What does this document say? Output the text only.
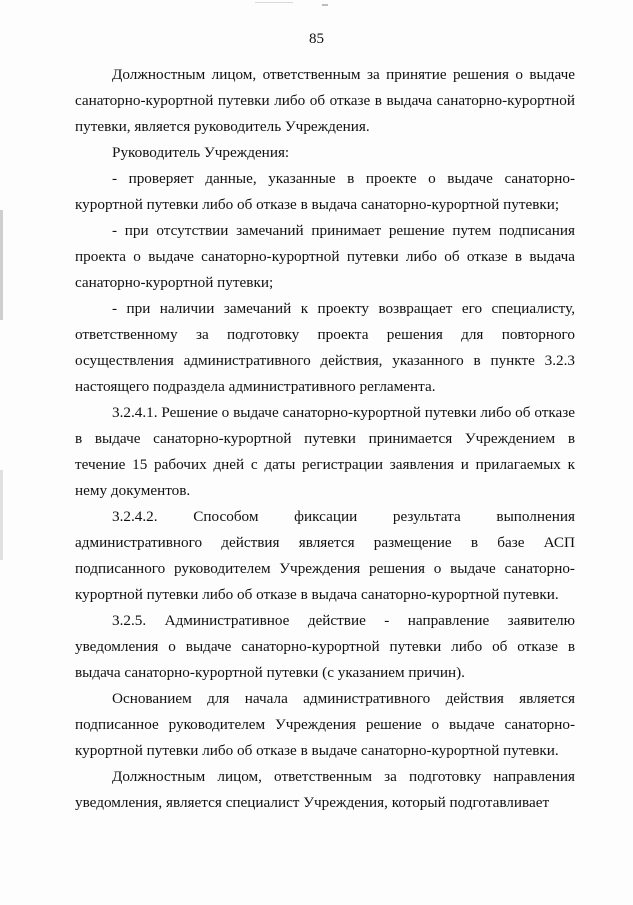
85

Должностным лицом, ответственным за принятие решения о выдаче санаторно-курортной путевки либо об отказе в выдача санаторно-курортной путевки, является руководитель Учреждения.

Руководитель Учреждения:

- проверяет данные, указанные в проекте о выдаче санаторно-курортной путевки либо об отказе в выдача санаторно-курортной путевки;

- при отсутствии замечаний принимает решение путем подписания проекта о выдаче санаторно-курортной путевки либо об отказе в выдача санаторно-курортной путевки;

- при наличии замечаний к проекту возвращает его специалисту, ответственному за подготовку проекта решения для повторного осуществления административного действия, указанного в пункте 3.2.3 настоящего подраздела административного регламента.

3.2.4.1. Решение о выдаче санаторно-курортной путевки либо об отказе в выдаче санаторно-курортной путевки принимается Учреждением в течение 15 рабочих дней с даты регистрации заявления и прилагаемых к нему документов.

3.2.4.2. Способом фиксации результата выполнения административного действия является размещение в базе АСП подписанного руководителем Учреждения решения о выдаче санаторно-курортной путевки либо об отказе в выдача санаторно-курортной путевки.

3.2.5. Административное действие - направление заявителю уведомления о выдаче санаторно-курортной путевки либо об отказе в выдача санаторно-курортной путевки (с указанием причин).

Основанием для начала административного действия является подписанное руководителем Учреждения решение о выдаче санаторно-курортной путевки либо об отказе в выдаче санаторно-курортной путевки.

Должностным лицом, ответственным за подготовку направления уведомления, является специалист Учреждения, который подготавливает
